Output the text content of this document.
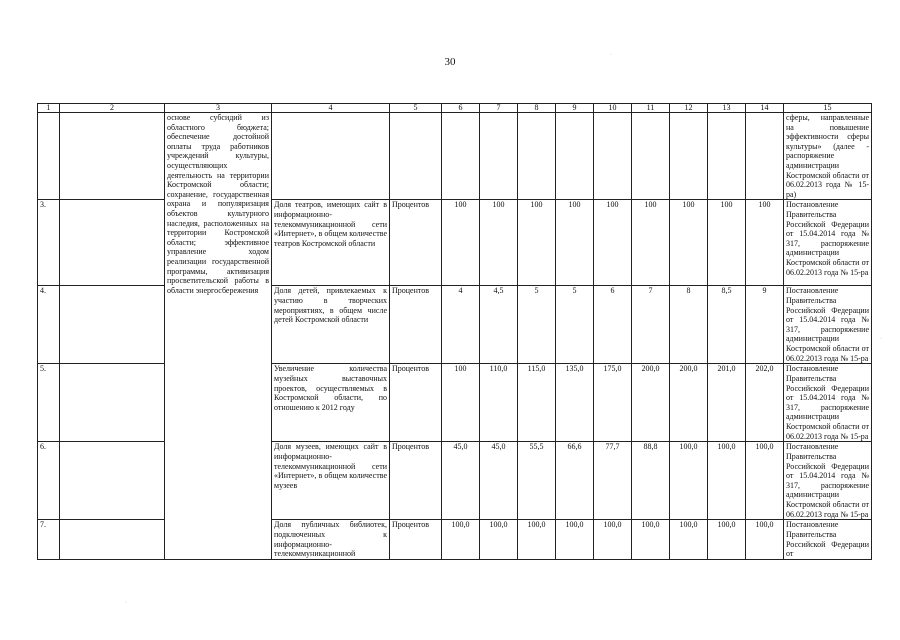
30
1	2	3	4	5	6	7	8	9	10	11	12	13	14	15
		основе субсидий из областного бюджета; обеспечение достойной оплаты труда работников учреждений культуры, осуществляющих деятельность на территории Костромской области; сохранение, государственная охрана и популяризация объектов культурного наследия, расположенных на территории Костромской области; эффективное управление ходом реализации государственной программы, активизация просветительской работы в области энергосбережения												сферы, направленные на повышение эффективности сферы культуры» (далее - распоряжение администрации Костромской области от 06.02.2013 года № 15-ра)
3.			Доля театров, имеющих сайт в информационно-телекоммуникационной сети «Интернет», в общем количестве театров Костромской области	Процентов	100	100	100	100	100	100	100	100	100	Постановление Правительства Российской Федерации от 15.04.2014 года № 317, распоряжение администрации Костромской области от 06.02.2013 года № 15-ра
4.			Доля детей, привлекаемых к участию в творческих мероприятиях, в общем числе детей Костромской области	Процентов	4	4,5	5	5	6	7	8	8,5	9	Постановление Правительства Российской Федерации от 15.04.2014 года № 317, распоряжение администрации Костромской области от 06.02.2013 года № 15-ра
5.			Увеличение количества музейных выставочных проектов, осуществляемых в Костромской области, по отношению к 2012 году	Процентов	100	110,0	115,0	135,0	175,0	200,0	200,0	201,0	202,0	Постановление Правительства Российской Федерации от 15.04.2014 года № 317, распоряжение администрации Костромской области от 06.02.2013 года № 15-ра
6.			Доля музеев, имеющих сайт в информационно-телекоммуникационной сети «Интернет», в общем количестве музеев	Процентов	45,0	45,0	55,5	66,6	77,7	88,8	100,0	100,0	100,0	Постановление Правительства Российской Федерации от 15.04.2014 года № 317, распоряжение администрации Костромской области от 06.02.2013 года № 15-ра
7.			Доля публичных библиотек, подключенных к информационно-телекоммуникационной	Процентов	100,0	100,0	100,0	100,0	100,0	100,0	100,0	100,0	100,0	Постановление Правительства Российской Федерации от
·
·
·
